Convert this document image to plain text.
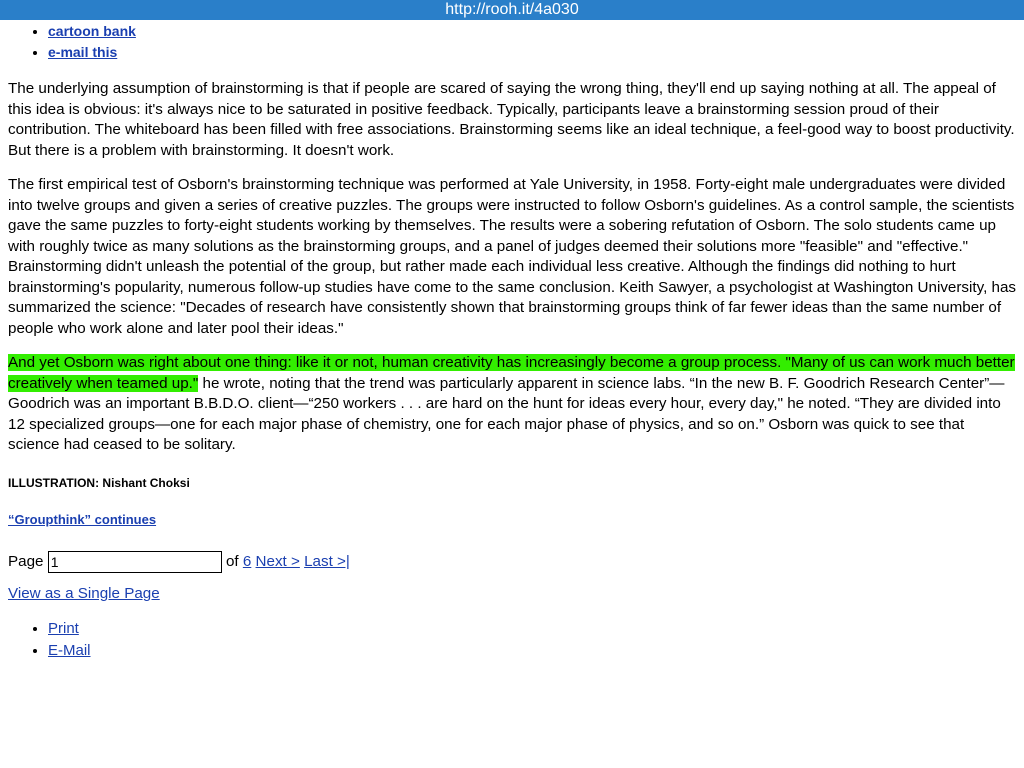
http://rooh.it/4a030
•
• cartoon bank
• e-mail this

The underlying assumption of brainstorming is that if people are scared of saying the wrong thing, they'll end up saying nothing at all. The appeal of this idea is obvious: it's always nice to be saturated in positive feedback. Typically, participants leave a brainstorming session proud of their contribution. The whiteboard has been filled with free associations. Brainstorming seems like an ideal technique, a feel-good way to boost productivity. But there is a problem with brainstorming. It doesn't work.

The first empirical test of Osborn's brainstorming technique was performed at Yale University, in 1958. Forty-eight male undergraduates were divided into twelve groups and given a series of creative puzzles. The groups were instructed to follow Osborn's guidelines. As a control sample, the scientists gave the same puzzles to forty-eight students working by themselves. The results were a sobering refutation of Osborn. The solo students came up with roughly twice as many solutions as the brainstorming groups, and a panel of judges deemed their solutions more "feasible" and "effective." Brainstorming didn't unleash the potential of the group, but rather made each individual less creative. Although the findings did nothing to hurt brainstorming's popularity, numerous follow-up studies have come to the same conclusion. Keith Sawyer, a psychologist at Washington University, has summarized the science: "Decades of research have consistently shown that brainstorming groups think of far fewer ideas than the same number of people who work alone and later pool their ideas."

And yet Osborn was right about one thing: like it or not, human creativity has increasingly become a group process. "Many of us can work much better creatively when teamed up." he wrote, noting that the trend was particularly apparent in science labs. “In the new B. F. Goodrich Research Center”—Goodrich was an important B.B.D.O. client—“250 workers . . . are hard on the hunt for ideas every hour, every day," he noted. “They are divided into 12 specialized groups—one for each major phase of chemistry, one for each major phase of physics, and so on.” Osborn was quick to see that science had ceased to be solitary.

ILLUSTRATION: Nishant Choksi
“Groupthink” continues
Page 1	of 6 Next > Last >|
View as a Single Page
• Print
• E-Mail
